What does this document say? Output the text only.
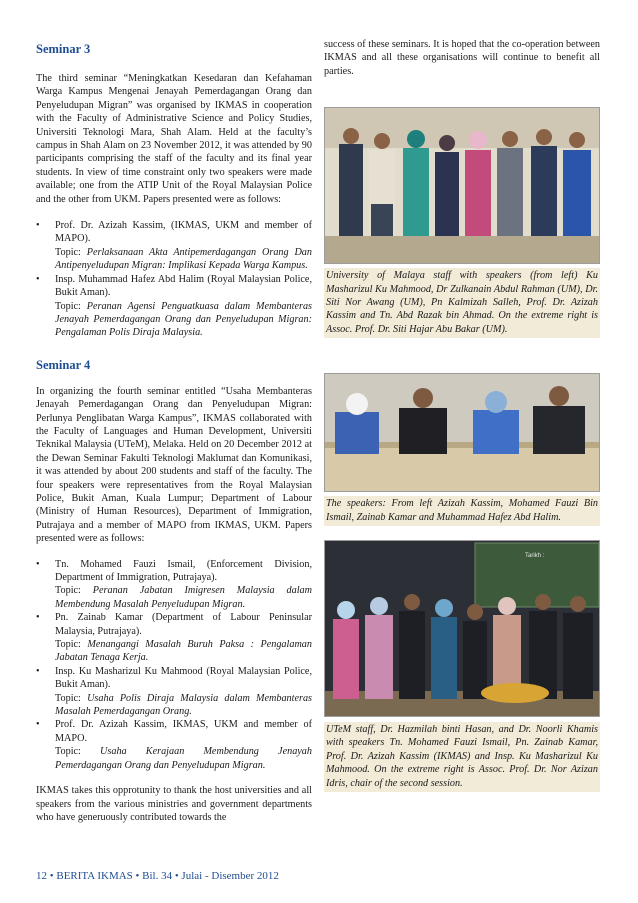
Seminar 3

The third seminar “Meningkatkan Kesedaran dan Kefahaman Warga Kampus Mengenai Jenayah Pemerdagangan Orang dan Penyeludupan Migran” was organised by IKMAS in cooperation with the Faculty of Administrative Science and Policy Studies, Universiti Teknologi Mara, Shah Alam. Held at the faculty’s campus in Shah Alam on 23 November 2012, it was attended by 90 participants comprising the staff of the faculty and its final year students. In view of time constraint only two speakers were made available; one from the ATIP Unit of the Royal Malaysian Police and the other from UKM. Papers presented were as follows:

• Prof. Dr. Azizah Kassim, (IKMAS, UKM and member of MAPO).
Topic: Perlaksanaan Akta Antipemerdagangan Orang Dan Antipenyeludupan Migran: Implikasi Kepada Warga Kampus.
• Insp. Muhammad Hafez Abd Halim (Royal Malaysian Police, Bukit Aman).
Topic: Peranan Agensi Penguatkuasa dalam Membanteras Jenayah Pemerdagangan Orang dan Penyeludupan Migran: Pengalaman Polis Diraja Malaysia.
Seminar 4

In organizing the fourth seminar entitled “Usaha Membanteras Jenayah Pemerdagangan Orang dan Penyeludupan Migran: Perlunya Penglibatan Warga Kampus”, IKMAS collaborated with the Faculty of Languages and Human Development, Universiti Teknikal Malaysia (UTeM), Melaka. Held on 20 December 2012 at the Dewan Seminar Fakulti Teknologi Maklumat dan Komunikasi, it was attended by about 200 students and staff of the faculty. The four speakers were representatives from the Royal Malaysian Police, Bukit Aman, Kuala Lumpur; Department of Labour (Ministry of Human Resources), Department of Immigration, Putrajaya and a member of MAPO from IKMAS, UKM. Papers presented were as follows:

• Tn. Mohamed Fauzi Ismail, (Enforcement Division, Department of Immigration, Putrajaya).
Topic: Peranan Jabatan Imigresen Malaysia dalam Membendung Masalah Penyeludupan Migran.
• Pn. Zainab Kamar (Department of Labour Peninsular Malaysia, Putrajaya).
Topic: Menangangi Masalah Buruh Paksa : Pengalaman Jabatan Tenaga Kerja.
• Insp. Ku Masharizul Ku Mahmood (Royal Malaysian Police, Bukit Aman).
Topic: Usaha Polis Diraja Malaysia dalam Membanteras Masalah Pemerdagangan Orang.
• Prof. Dr. Azizah Kassim, IKMAS, UKM and member of MAPO.
Topic: Usaha Kerajaan Membendung Jenayah Pemerdagangan Orang dan Penyeludupan Migran.

IKMAS takes this opprotunity to thank the host universities and all speakers from the various ministries and government departments who have generuously contributed towards the

success of these seminars. It is hoped that the co-operation between IKMAS and all these organisations will continue to benefit all parties.

University of Malaya staff with speakers (from left) Ku Masharizul Ku Mahmood, Dr Zulkanain Abdul Rahman (UM), Dr. Siti Nor Awang (UM), Pn Kalmizah Salleh, Prof. Dr. Azizah Kassim and Tn. Abd Razak bin Ahmad. On the extreme right is Assoc. Prof. Dr. Siti Hajar Abu Bakar (UM).

The speakers: From left Azizah Kassim, Mohamed Fauzi Bin Ismail, Zainab Kamar and Muhammad Hafez Abd Halim.

Tarikh :

UTeM staff, Dr. Hazmilah binti Hasan, and Dr. Noorli Khamis with speakers Tn. Mohamed Fauzi Ismail, Pn. Zainab Kamar, Prof. Dr. Azizah Kassim (IKMAS) and Insp. Ku Masharizul Ku Mahmood. On the extreme right is Assoc. Prof. Dr. Nor Azizan Idris, chair of the second session.

12 • BERITA IKMAS • Bil. 34 • Julai - Disember 2012
